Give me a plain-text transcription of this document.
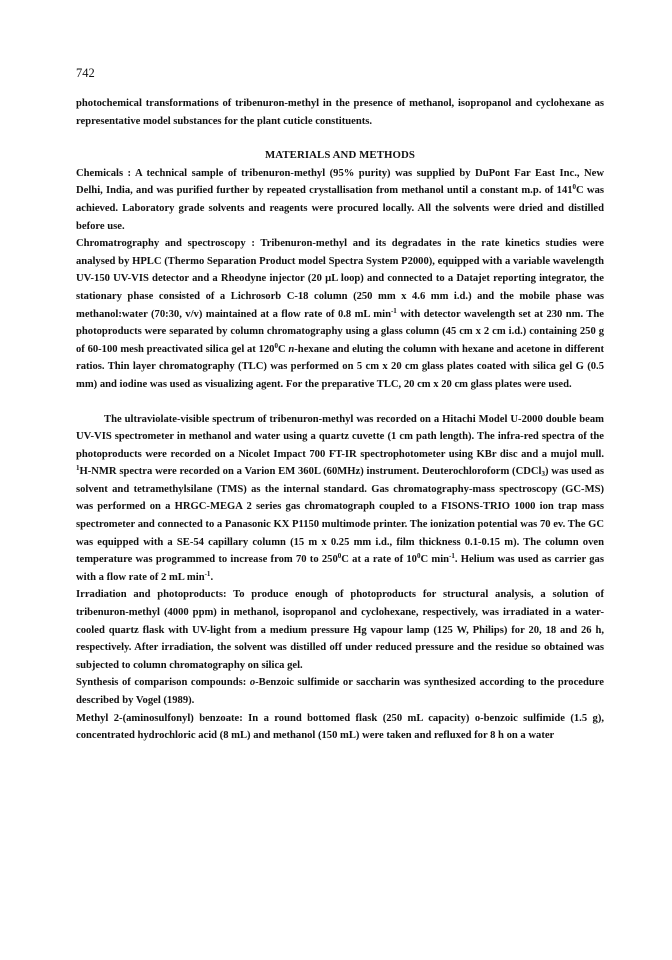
742

photochemical transformations of tribenuron-methyl in the presence of methanol, isopropanol and cyclohexane as representative model substances for the plant cuticle constituents.

MATERIALS AND METHODS

Chemicals : A technical sample of tribenuron-methyl (95% purity) was supplied by DuPont Far East Inc., New Delhi, India, and was purified further by repeated crystallisation from methanol until a constant m.p. of $141^0C$ was achieved. Laboratory grade solvents and reagents were procured locally. All the solvents were dried and distilled before use.

Chromatrography and spectroscopy : Tribenuron-methyl and its degradates in the rate kinetics studies were analysed by HPLC (Thermo Separation Product model Spectra System P2000), equipped with a variable wavelength UV-150 UV-VIS detector and a Rheodyne injector (20 µL loop) and connected to a Datajet reporting integrator, the stationary phase consisted of a Lichrosorb C-18 column (250 mm x 4.6 mm i.d.) and the mobile phase was methanol:water (70:30, v/v) maintained at a flow rate of 0.8 mL $\min^{-1}$ with detector wavelength set at 230 nm. The photoproducts were separated by column chromatography using a glass column (45 cm x 2 cm i.d.) containing 250 g of 60-100 mesh preactivated silica gel at $120^0C$ n-hexane and eluting the column with hexane and acetone in different ratios. Thin layer chromatography (TLC) was performed on 5 cm x 20 cm glass plates coated with silica gel G (0.5 mm) and iodine was used as visualizing agent. For the preparative TLC, 20 cm x 20 cm glass plates were used.

The ultraviolate-visible spectrum of tribenuron-methyl was recorded on a Hitachi Model U-2000 double beam UV-VIS spectrometer in methanol and water using a quartz cuvette (1 cm path length). The infra-red spectra of the photoproducts were recorded on a Nicolet Impact 700 FT-IR spectrophotometer using KBr disc and a mujol mull. $^1$H-NMR spectra were recorded on a Varion EM 360L (60MHz) instrument. Deuterochloroform (CDCl$_3$) was used as solvent and tetramethylsilane (TMS) as the internal standard. Gas chromatography-mass spectroscopy (GC-MS) was performed on a HRGC-MEGA 2 series gas chromatograph coupled to a FISONS-TRIO 1000 ion trap mass spectrometer and connected to a Panasonic KX P1150 multimode printer. The ionization potential was 70 ev. The GC was equipped with a SE-54 capillary column (15 m x 0.25 mm i.d., film thickness 0.1-0.15 m). The column oven temperature was programmed to increase from 70 to $250^0C$ at a rate of $10^0C$ $\min^{-1}$. Helium was used as carrier gas with a flow rate of 2 mL $\min^{-1}$.

Irradiation and photoproducts: To produce enough of photoproducts for structural analysis, a solution of tribenuron-methyl (4000 ppm) in methanol, isopropanol and cyclohexane, respectively, was irradiated in a water-cooled quartz flask with UV-light from a medium pressure Hg vapour lamp (125 W, Philips) for 20, 18 and 26 h, respectively. After irradiation, the solvent was distilled off under reduced pressure and the residue so obtained was subjected to column chromatography on silica gel.

Synthesis of comparison compounds: o-Benzoic sulfimide or saccharin was synthesized according to the procedure described by Vogel (1989).

Methyl 2-(aminosulfonyl) benzoate: In a round bottomed flask (250 mL capacity) o-benzoic sulfimide (1.5 g), concentrated hydrochloric acid (8 mL) and methanol (150 mL) were taken and refluxed for 8 h on a water
